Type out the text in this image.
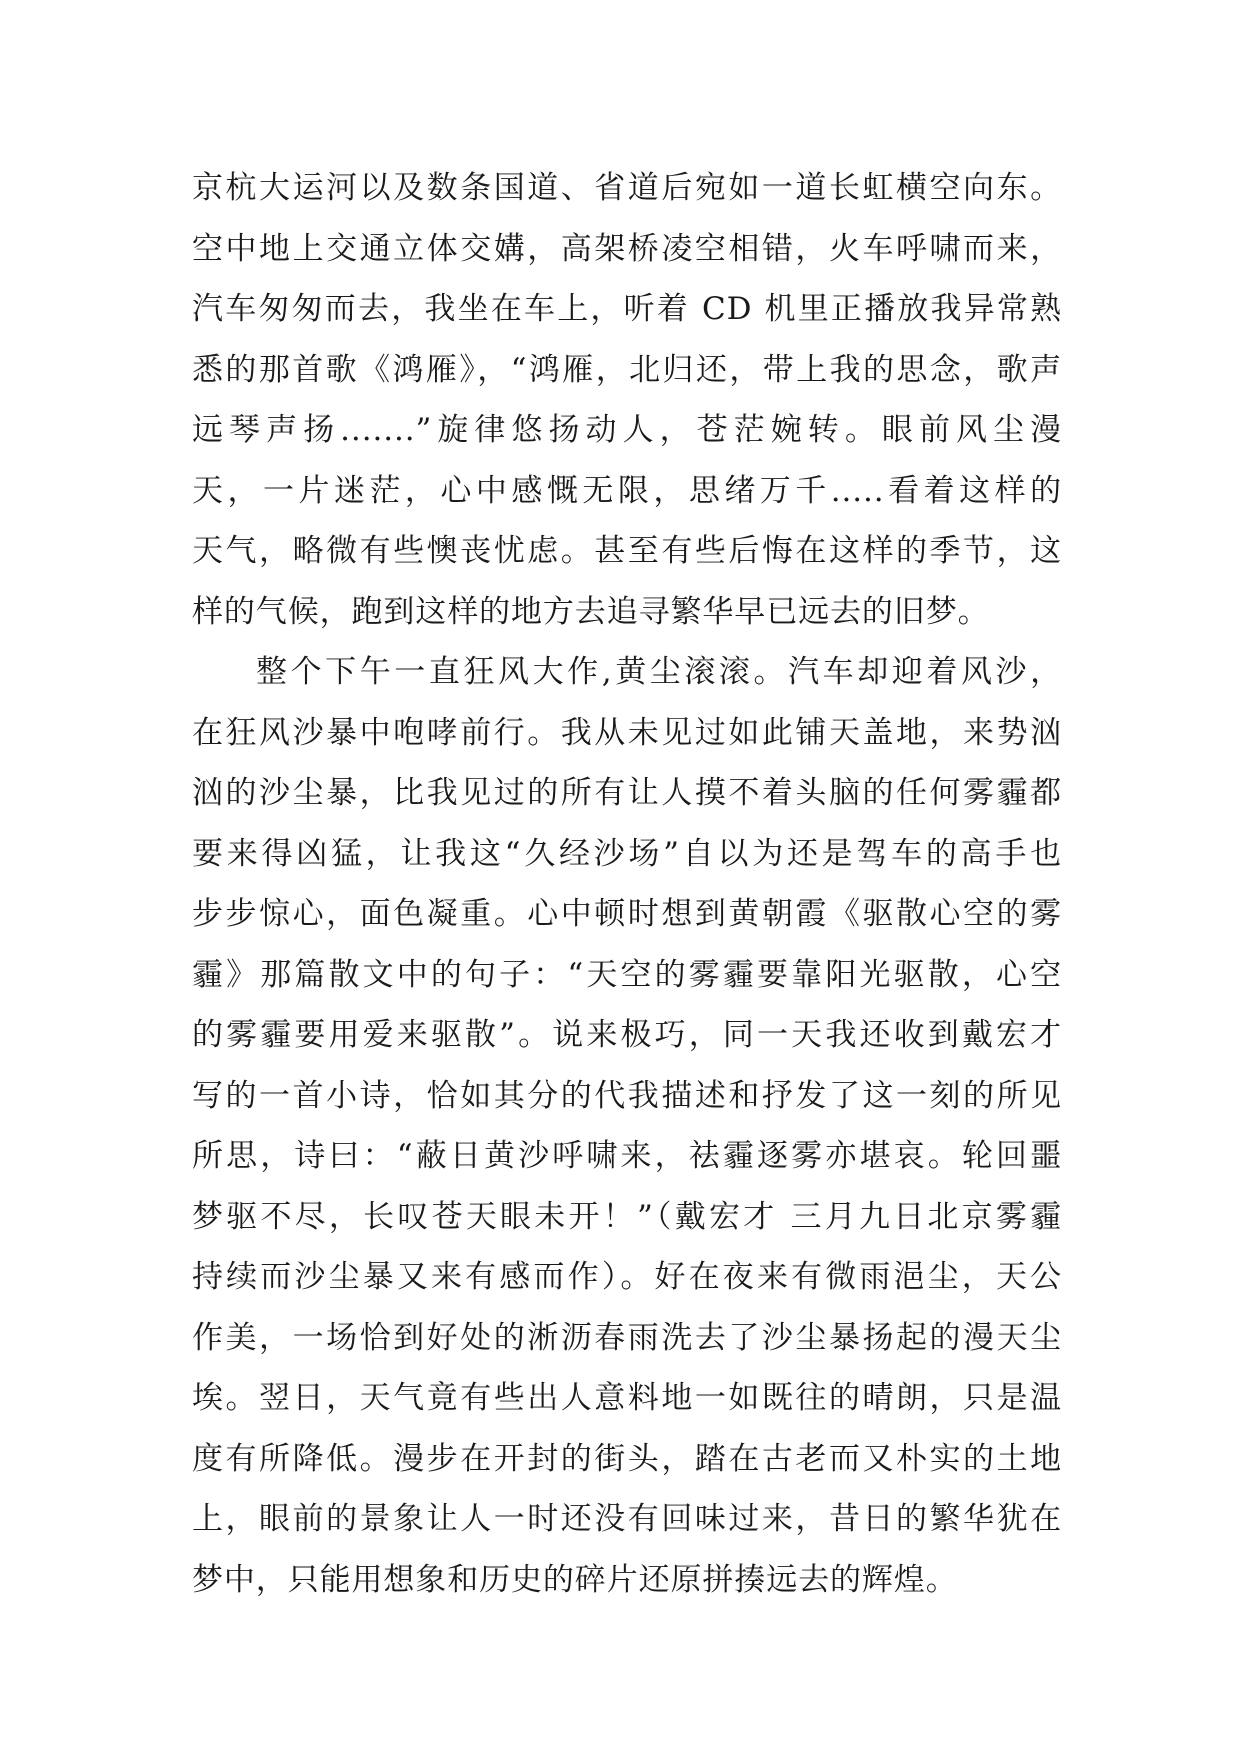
京杭大运河以及数条国道、省道后宛如一道长虹横空向东。
空中地上交通立体交媾，高架桥凌空相错，火车呼啸而来，
汽车匆匆而去，我坐在车上，听着 CD 机里正播放我异常熟
悉的那首歌《鸿雁》，“鸿雁，北归还，带上我的思念，歌声
远琴声扬.......”旋律悠扬动人，苍茫婉转。眼前风尘漫
天，一片迷茫，心中感慨无限，思绪万千.....看着这样的
天气，略微有些懊丧忧虑。甚至有些后悔在这样的季节，这
样的气候，跑到这样的地方去追寻繁华早已远去的旧梦。
整个下午一直狂风大作,黄尘滚滚。汽车却迎着风沙，
在狂风沙暴中咆哮前行。我从未见过如此铺天盖地，来势汹
汹的沙尘暴，比我见过的所有让人摸不着头脑的任何雾霾都
要来得凶猛，让我这“久经沙场”自以为还是驾车的高手也
步步惊心，面色凝重。心中顿时想到黄朝霞《驱散心空的雾
霾》那篇散文中的句子：“天空的雾霾要靠阳光驱散，心空
的雾霾要用爱来驱散”。说来极巧，同一天我还收到戴宏才
写的一首小诗，恰如其分的代我描述和抒发了这一刻的所见
所思，诗曰：“蔽日黄沙呼啸来，祛霾逐雾亦堪哀。轮回噩
梦驱不尽，长叹苍天眼未开！”（戴宏才 三月九日北京雾霾
持续而沙尘暴又来有感而作）。好在夜来有微雨浥尘，天公
作美，一场恰到好处的淅沥春雨洗去了沙尘暴扬起的漫天尘
埃。翌日，天气竟有些出人意料地一如既往的晴朗，只是温
度有所降低。漫步在开封的街头，踏在古老而又朴实的土地
上，眼前的景象让人一时还没有回味过来，昔日的繁华犹在
梦中，只能用想象和历史的碎片还原拼揍远去的辉煌。
